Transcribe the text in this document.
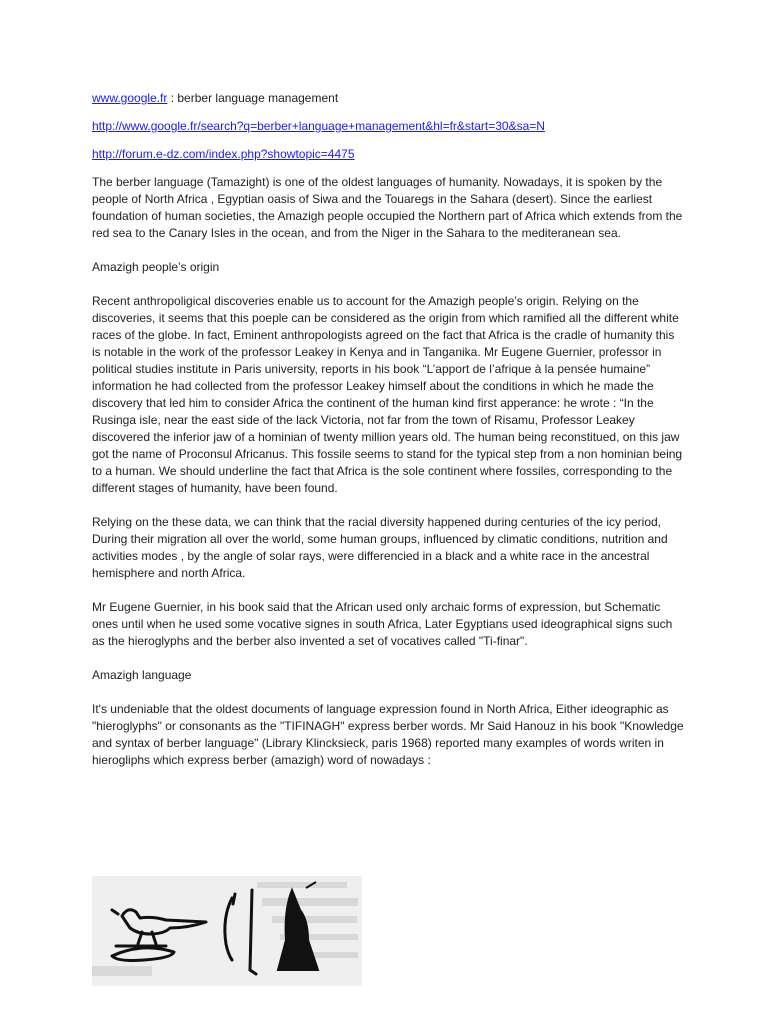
www.google.fr : berber language management
http://www.google.fr/search?q=berber+language+management&hl=fr&start=30&sa=N
http://forum.e-dz.com/index.php?showtopic=4475

The berber language (Tamazight) is one of the oldest languages of humanity. Nowadays, it is spoken by the people of North Africa , Egyptian oasis of Siwa and the Touaregs in the Sahara (desert). Since the earliest foundation of human societies, the Amazigh people occupied the Northern part of Africa which extends from the red sea to the Canary Isles in the ocean, and from the Niger in the Sahara to the mediteranean sea.

Amazigh people’s origin

Recent anthropoligical discoveries enable us to account for the Amazigh people’s origin. Relying on the discoveries, it seems that this poeple can be considered as the origin from which ramified all the different white races of the globe. In fact, Eminent anthropologists agreed on the fact that Africa is the cradle of humanity this is notable in the work of the professor Leakey in Kenya and in Tanganika. Mr Eugene Guernier, professor in political studies institute in Paris university, reports in his book “L’apport de l’afrique à la pensée humaine” information he had collected from the professor Leakey himself about the conditions in which he made the discovery that led him to consider Africa the continent of the human kind first apperance: he wrote : “In the Rusinga isle, near the east side of the lack Victoria, not far from the town of Risamu, Professor Leakey discovered the inferior jaw of a hominian of twenty million years old. The human being reconstitued, on this jaw got the name of Proconsul Africanus. This fossile seems to stand for the typical step from a non hominian being to a human. We should underline the fact that Africa is the sole continent where fossiles, corresponding to the different stages of humanity, have been found.

Relying on the these data, we can think that the racial diversity happened during centuries of the icy period, During their migration all over the world, some human groups, influenced by climatic conditions, nutrition and activities modes , by the angle of solar rays, were differencied in a black and a white race in the ancestral hemisphere and north Africa.

Mr Eugene Guernier, in his book said that the African used only archaic forms of expression, but Schematic ones until when he used some vocative signes in south Africa, Later Egyptians used ideographical signs such as the hieroglyphs and the berber also invented a set of vocatives called "Ti-finar".

Amazigh language

It's undeniable that the oldest documents of language expression found in North Africa, Either ideographic as "hieroglyphs" or consonants as the "TIFINAGH" express berber words. Mr Said Hanouz in his book "Knowledge and syntax of berber language" (Library Klincksieck, paris 1968) reported many examples of words writen in hierogliphs which express berber (amazigh) word of nowadays :
